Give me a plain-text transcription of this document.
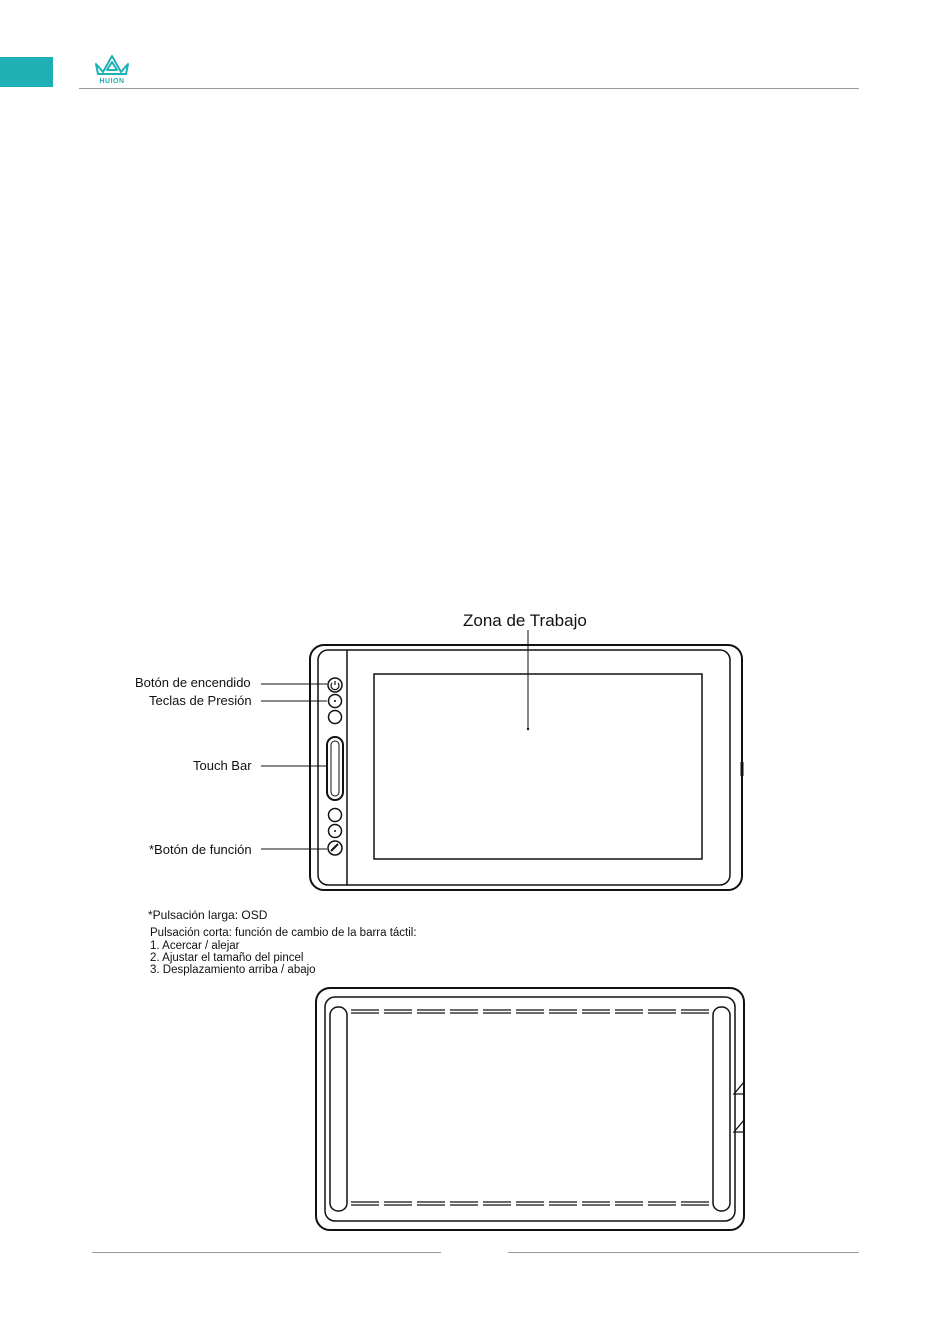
HUION
Zona de Trabajo
Botón de encendido
Teclas de Presión
Touch Bar
*Botón de función
*Pulsación larga: OSD
Pulsación corta: función de cambio de la barra táctil:
1. Acercar / alejar
2. Ajustar el tamaño del pincel
3. Desplazamiento arriba / abajo
